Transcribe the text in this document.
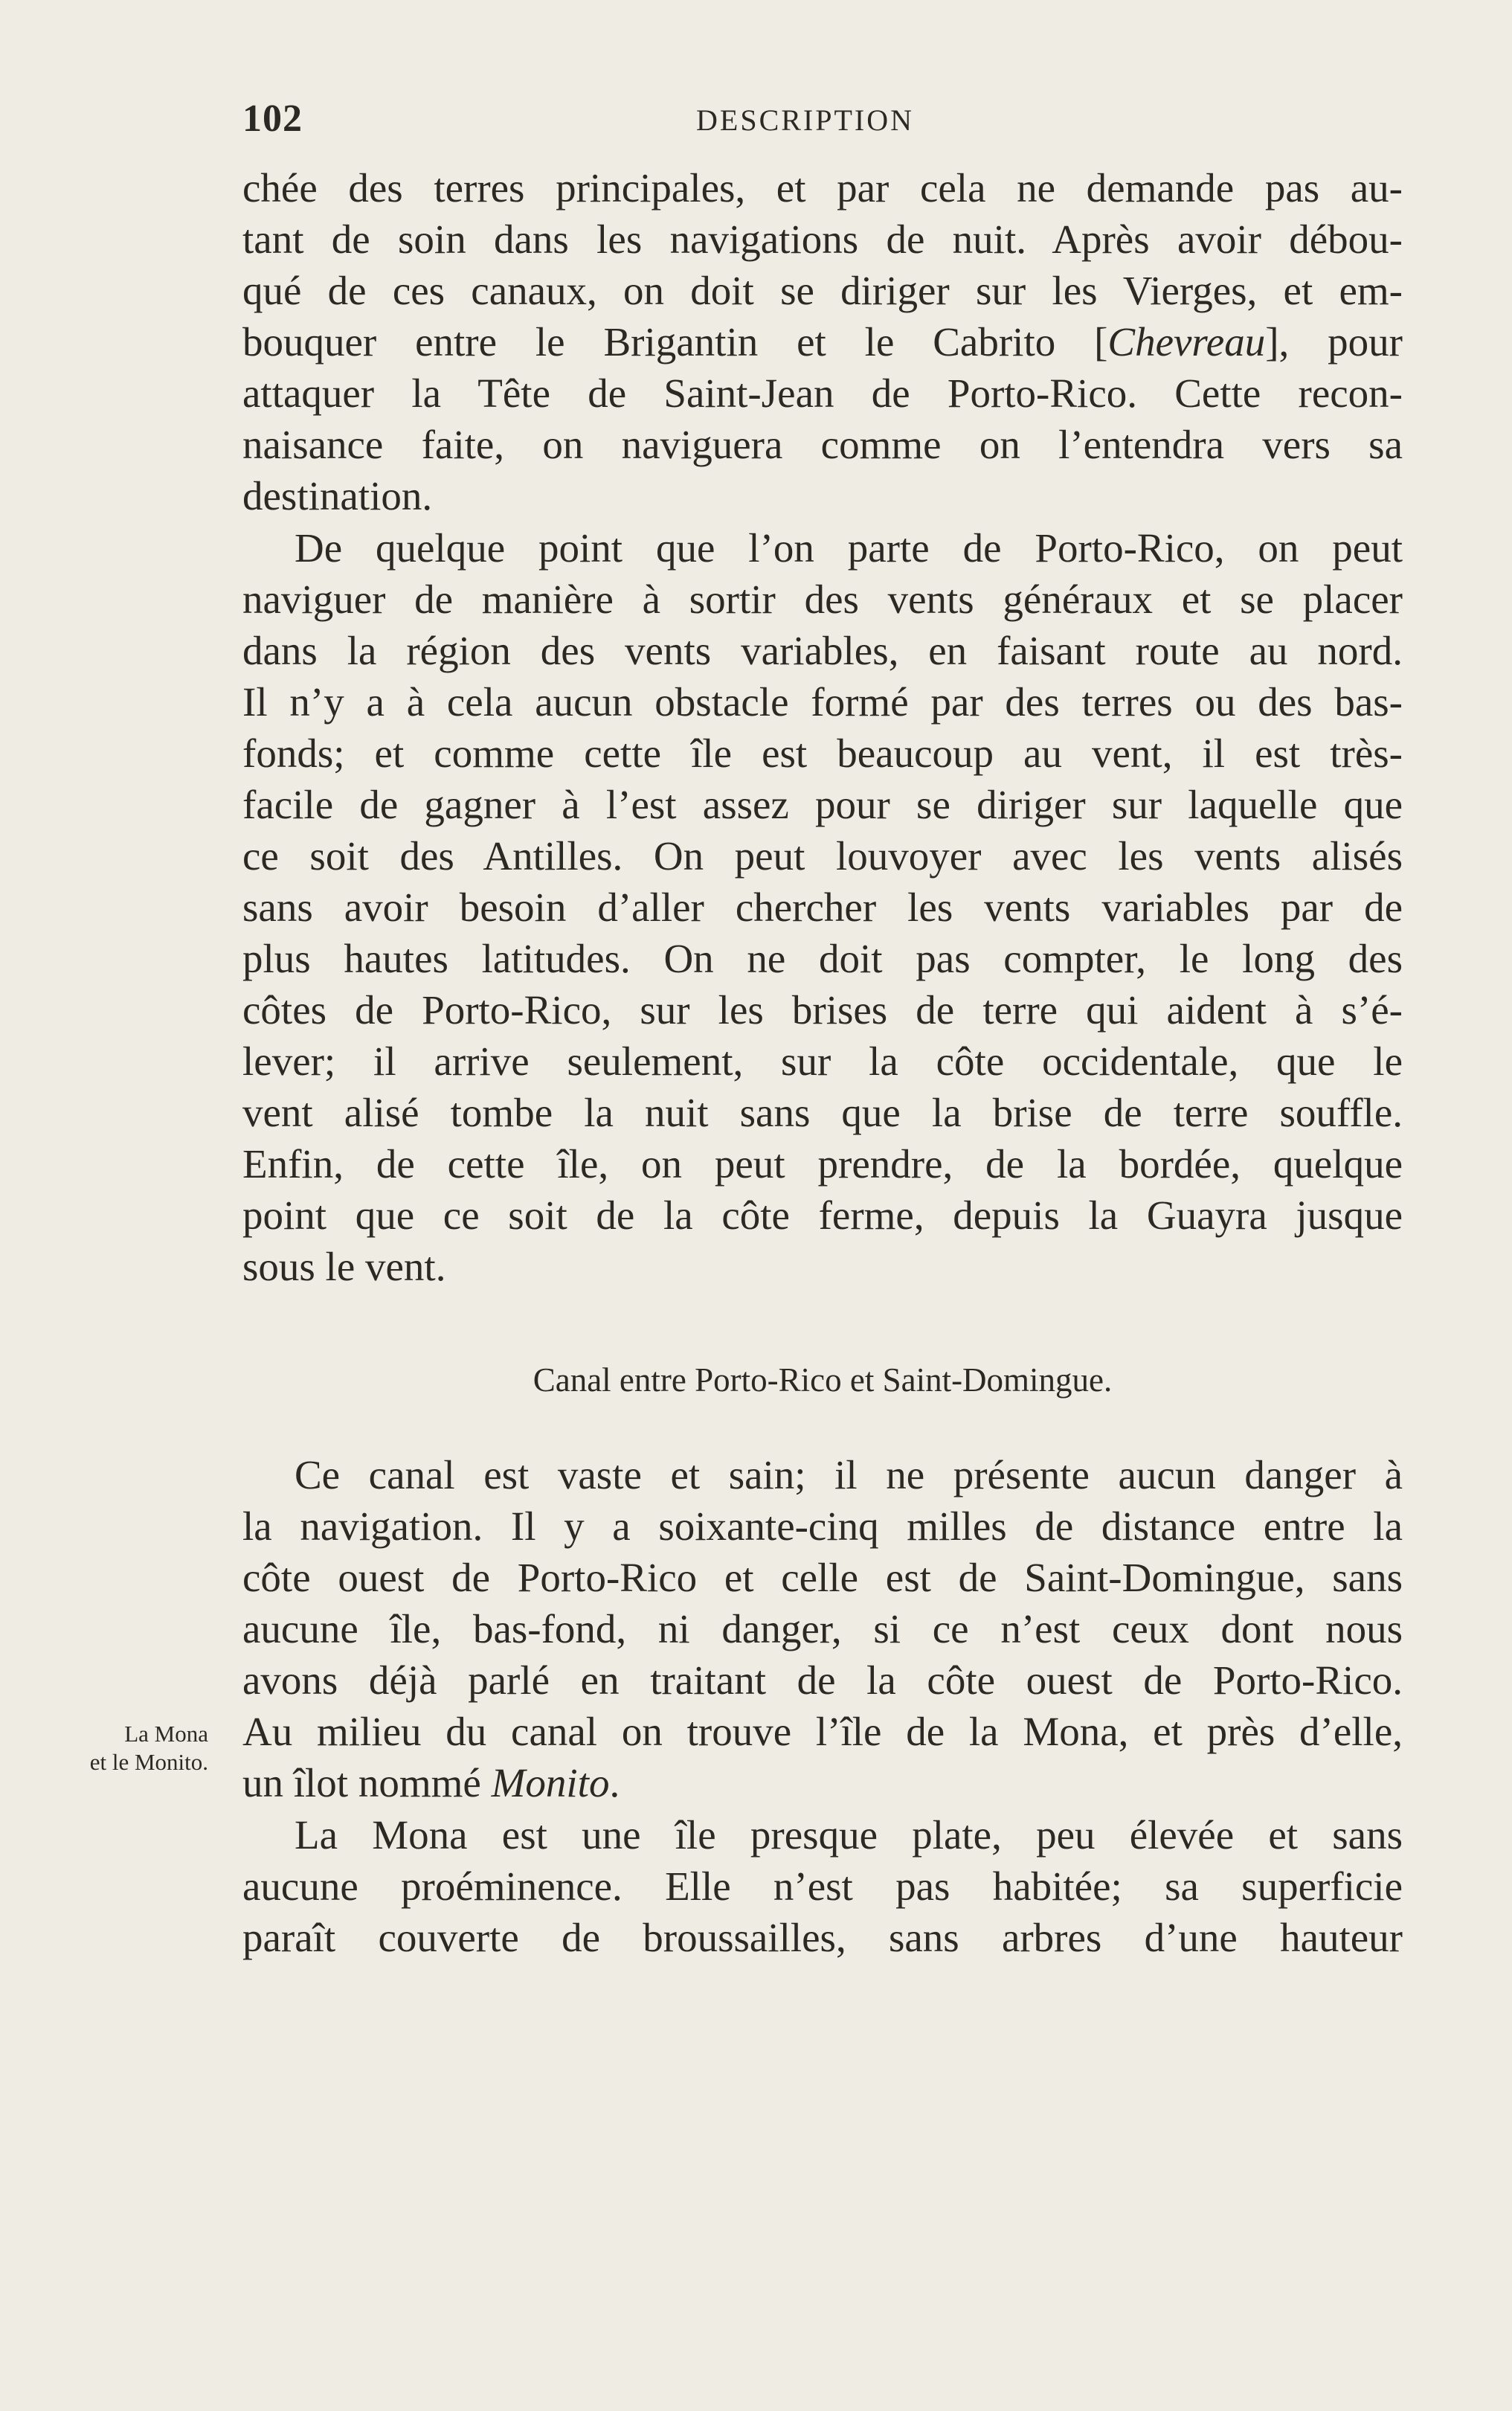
102	DESCRIPTION
chée des terres principales, et par cela ne demande pas au-
tant de soin dans les navigations de nuit. Après avoir débou-
qué de ces canaux, on doit se diriger sur les Vierges, et em-
bouquer entre le Brigantin et le Cabrito [Chevreau], pour
attaquer la Tête de Saint-Jean de Porto-Rico. Cette recon-
naisance faite, on naviguera comme on l’entendra vers sa
destination.
De quelque point que l’on parte de Porto-Rico, on peut
naviguer de manière à sortir des vents généraux et se placer
dans la région des vents variables, en faisant route au nord.
Il n’y a à cela aucun obstacle formé par des terres ou des bas-
fonds; et comme cette île est beaucoup au vent, il est très-
facile de gagner à l’est assez pour se diriger sur laquelle que
ce soit des Antilles. On peut louvoyer avec les vents alisés
sans avoir besoin d’aller chercher les vents variables par de
plus hautes latitudes. On ne doit pas compter, le long des
côtes de Porto-Rico, sur les brises de terre qui aident à s’é-
lever; il arrive seulement, sur la côte occidentale, que le
vent alisé tombe la nuit sans que la brise de terre souffle.
Enfin, de cette île, on peut prendre, de la bordée, quelque
point que ce soit de la côte ferme, depuis la Guayra jusque
sous le vent.
Canal entre Porto-Rico et Saint-Domingue.
Ce canal est vaste et sain; il ne présente aucun danger à
la navigation. Il y a soixante-cinq milles de distance entre la
côte ouest de Porto-Rico et celle est de Saint-Domingue, sans
aucune île, bas-fond, ni danger, si ce n’est ceux dont nous
avons déjà parlé en traitant de la côte ouest de Porto-Rico.
Au milieu du canal on trouve l’île de la Mona, et près d’elle,
un îlot nommé Monito.
La Mona
et le Monito.
La Mona est une île presque plate, peu élevée et sans
aucune proéminence. Elle n’est pas habitée; sa superficie
paraît couverte de broussailles, sans arbres d’une hauteur
